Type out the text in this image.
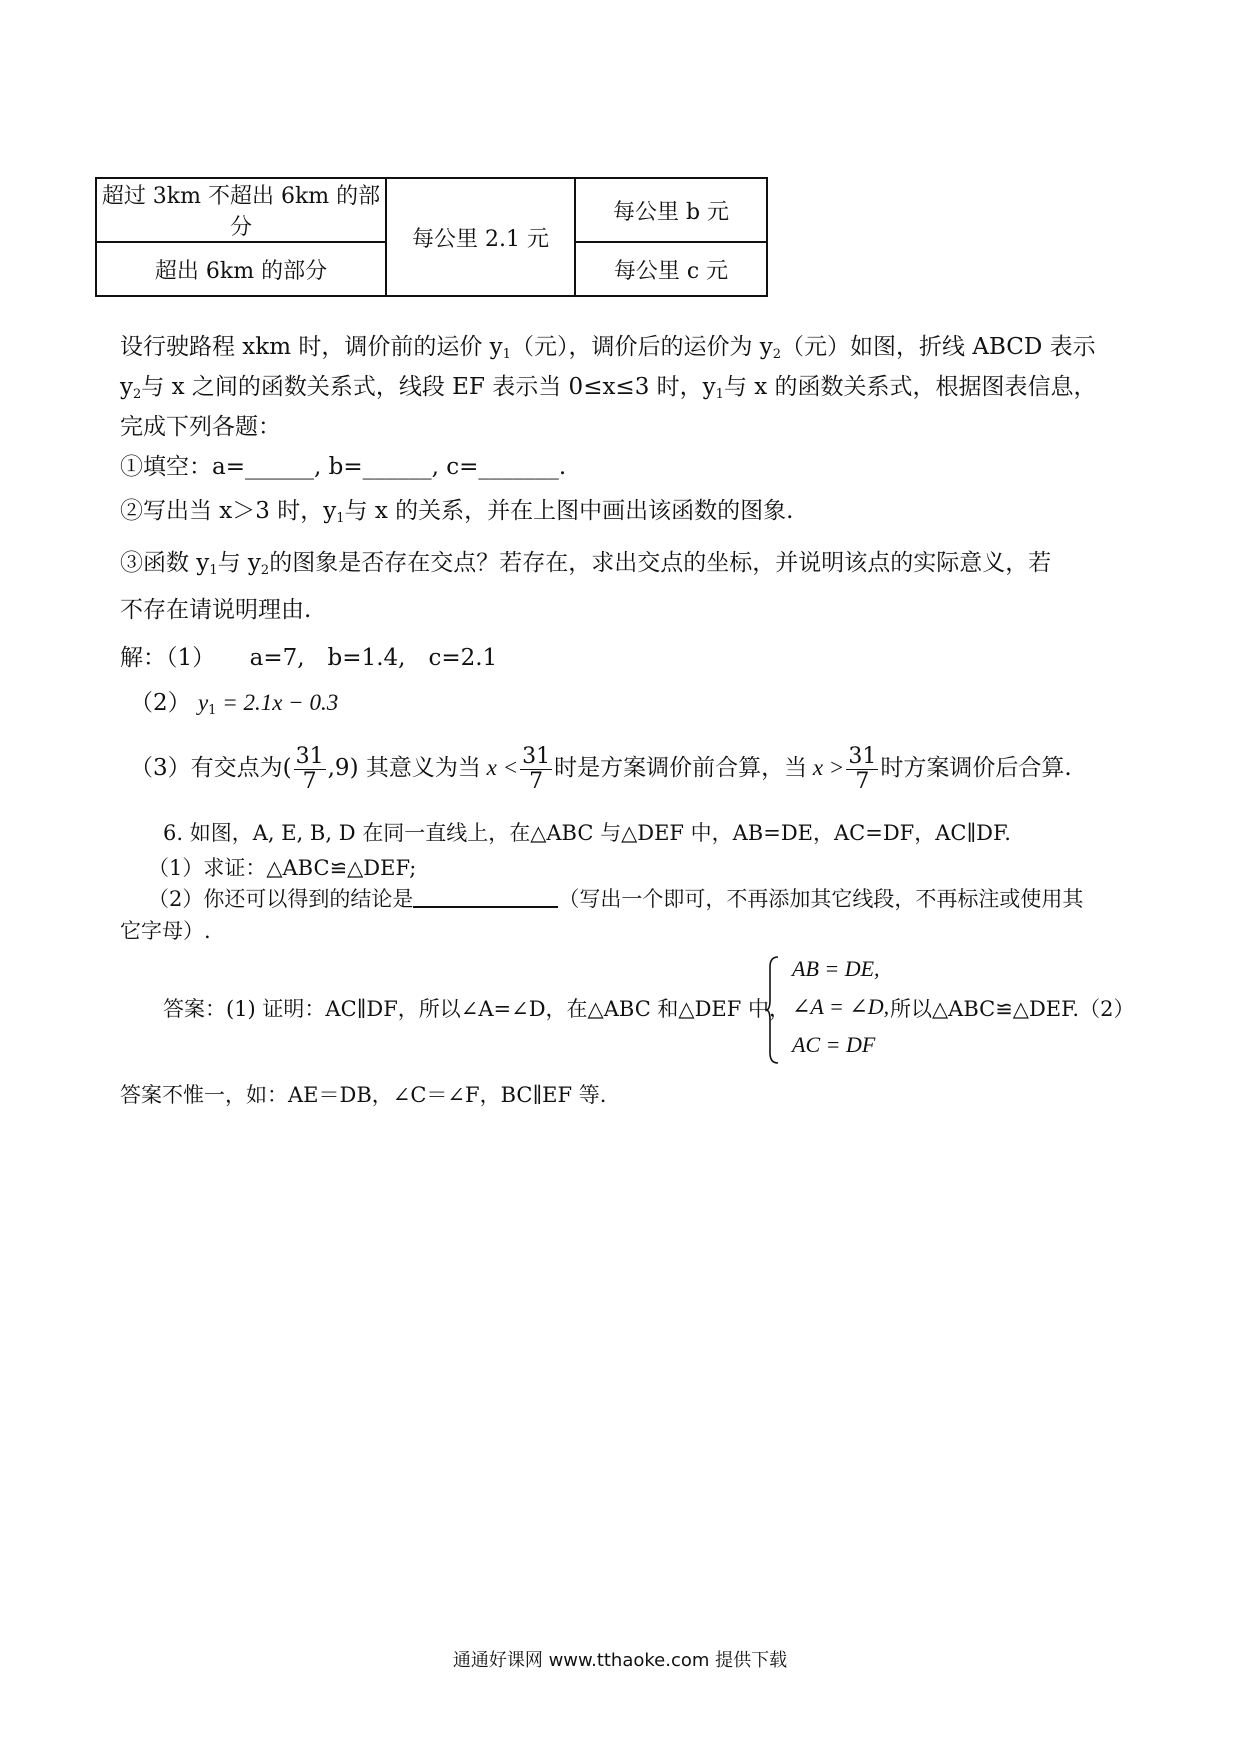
超过 3km 不超出 6km 的部分	每公里 2.1 元	每公里 b 元
超出 6km 的部分		每公里 c 元
设行驶路程 xkm 时，调价前的运价 $y_1$（元），调价后的运价为 $y_2$（元）如图，折线 ABCD 表示
$y_2$与 x 之间的函数关系式，线段 EF 表示当 0≤x≤3 时，$y_1$与 x 的函数关系式，根据图表信息，
完成下列各题：
①填空：a=______, b=______, c=_______.
②写出当 x＞3 时，$y_1$与 x 的关系，并在上图中画出该函数的图象.
③函数 $y_1$与 $y_2$的图象是否存在交点？若存在，求出交点的坐标，并说明该点的实际意义，若
不存在请说明理由.
解：（1）　　a=7,　b=1.4,　c=2.1
（2） $y_1 = 2.1x - 0.3$
（3）有交点为( $\frac{31}{7} ,9$) 其意义为当 $x < \frac{31}{7}$ 时是方案调价前合算，当 $x > \frac{31}{7}$ 时方案调价后合算.
6. 如图，A, E, B, D 在同一直线上，在△ABC 与△DEF 中，AB=DE，AC=DF，AC∥DF.
（1）求证：△ABC≌△DEF;
（2）你还可以得到的结论是	（写出一个即可，不再添加其它线段，不再标注或使用其
它字母）.
答案：(1) 证明：AC∥DF，所以∠A=∠D，在△ABC 和△DEF 中，
AB = DE,
∠A = ∠D,
AC = DF
所以△ABC≌△DEF.（2）
答案不惟一，如：AE＝DB，∠C＝∠F，BC∥EF 等.
通通好课网 www.tthaoke.com 提供下载
